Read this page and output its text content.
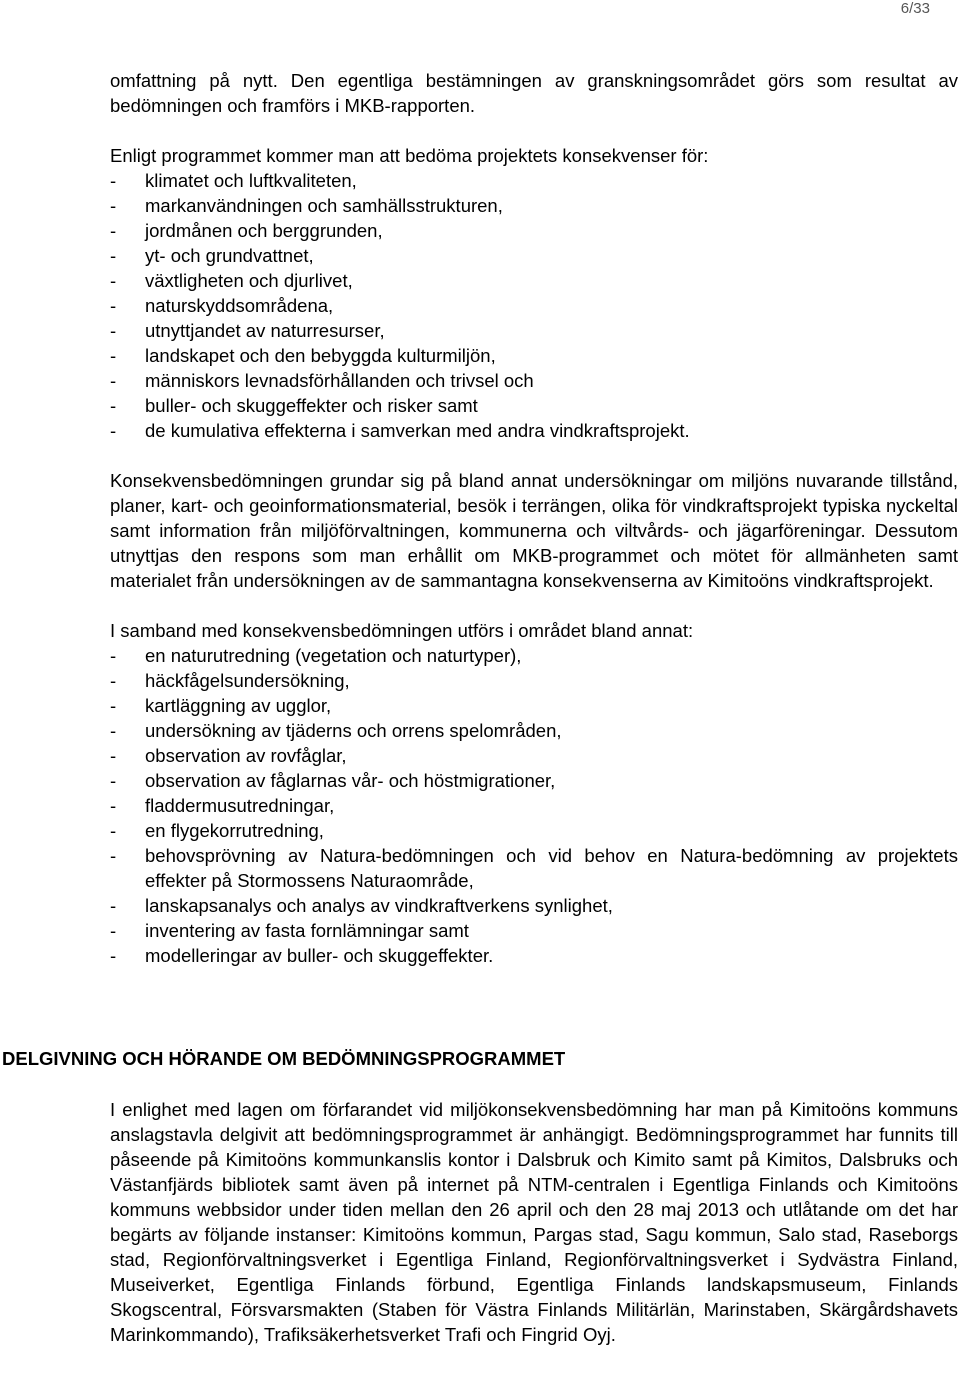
6/33

omfattning på nytt. Den egentliga bestämningen av granskningsområdet görs som resultat av bedömningen och framförs i MKB-rapporten.

Enligt programmet kommer man att bedöma projektets konsekvenser för:

- klimatet och luftkvaliteten,
- markanvändningen och samhällsstrukturen,
- jordmånen och berggrunden,
- yt- och grundvattnet,
- växtligheten och djurlivet,
- naturskyddsområdena,
- utnyttjandet av naturresurser,
- landskapet och den bebyggda kulturmiljön,
- människors levnadsförhållanden och trivsel och
- buller- och skuggeffekter och risker samt
- de kumulativa effekterna i samverkan med andra vindkraftsprojekt.

Konsekvensbedömningen grundar sig på bland annat undersökningar om miljöns nuvarande tillstånd, planer, kart- och geoinformationsmaterial, besök i terrängen, olika för vindkraftsprojekt typiska nyckeltal samt information från miljöförvaltningen, kommunerna och viltvårds- och jägarföreningar. Dessutom utnyttjas den respons som man erhållit om MKB-programmet och mötet för allmänheten samt materialet från undersökningen av de sammantagna konsekvenserna av Kimitoöns vindkraftsprojekt.

I samband med konsekvensbedömningen utförs i området bland annat:

- en naturutredning (vegetation och naturtyper),
- häckfågelsundersökning,
- kartläggning av ugglor,
- undersökning av tjäderns och orrens spelområden,
- observation av rovfåglar,
- observation av fåglarnas vår- och höstmigrationer,
- fladdermusutredningar,
- en flygekorrutredning,
- behovsprövning av Natura-bedömningen och vid behov en Natura-bedömning av projektets effekter på Stormossens Naturaområde,
- lanskapsanalys och analys av vindkraftverkens synlighet,
- inventering av fasta fornlämningar samt
- modelleringar av buller- och skuggeffekter.
DELGIVNING OCH HÖRANDE OM BEDÖMNINGSPROGRAMMET

I enlighet med lagen om förfarandet vid miljökonsekvensbedömning har man på Kimitoöns kommuns anslagstavla delgivit att bedömningsprogrammet är anhängigt. Bedömningsprogrammet har funnits till påseende på Kimitoöns kommunkanslis kontor i Dalsbruk och Kimito samt på Kimitos, Dalsbruks och Västanfjärds bibliotek samt även på internet på NTM-centralen i Egentliga Finlands och Kimitoöns kommuns webbsidor under tiden mellan den 26 april och den 28 maj 2013 och utlåtande om det har begärts av följande instanser: Kimitoöns kommun, Pargas stad, Sagu kommun, Salo stad, Raseborgs stad, Regionförvaltningsverket i Egentliga Finland, Regionförvaltningsverket i Sydvästra Finland, Museiverket, Egentliga Finlands förbund, Egentliga Finlands landskapsmuseum, Finlands Skogscentral, Försvarsmakten (Staben för Västra Finlands Militärlän, Marinstaben, Skärgårdshavets Marinkommando), Trafiksäkerhetsverket Trafi och Fingrid Oyj.
